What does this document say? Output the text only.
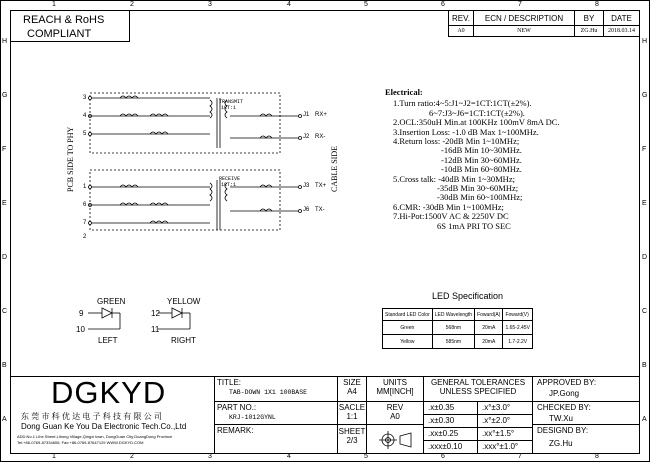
1	2	3	4	5	6	7	8
1	2	3	4	5	6	7	8
H
G
F
E
D
C
B
A
H
G
F
E
D
C
B
A
REACH & RoHS
COMPLIANT
REV.	ECN / DESCRIPTION	BY	DATE
A0	NEW	ZG.Hu	2018.03.14
PCB SIDE TO PHY	CABLE SIDE
TRANSMIT
1CT:1
RECEIVE
1CT:1
3
4
5
1
6
7
2
J1
J2
J3
J6
RX+
RX-
TX+
TX-
Electrical:
1.Turn ratio:4~5:J1~J2=1CT:1CT(±2%).
6~7:J3~J6=1CT:1CT(±2%).
2.OCL:350uH Min.at 100KHz 100mV 8mA DC.
3.Insertion Loss: -1.0 dB Max 1~100MHz.
4.Return loss: -20dB Min 1~10MHz;
-16dB Min 10~30MHz.
-12dB Min 30~60MHz.
-10dB Min 60~80MHz.
5.Cross talk: -40dB Min 1~30MHz;
-35dB Min 30~60MHz;
-30dB Min 60~100MHz;
6.CMR: -30dB Min 1~100MHz;
7.Hi-Pot:1500V AC & 2250V DC
6S 1mA PRI TO SEC
GREEN	YELLOW
9
10
12
11
LEFT	RIGHT
LED Specification
Standard LED Color	LED Wavelength	Foward(A)	Foward(V)
Green	568nm	20mA	1.65-2.45V
Yellow	585nm	20mA	1.7-2.2V
DGKYD
东 莞 市 科 优 达 电 子 科 技 有 限 公 司
Dong Guan Ke You Da Electronic Tech.Co.,Ltd
ADD:No.1 Lihe Street,Lihong Village,Qingxi town, DongGuan City,GuangDong Province
Tel:+86-0769-87334606; Fax:+86-0769-87647129 WWW.DGKYD.COM
TITLE:
TAB-DOWN 1X1 100BASE
PART NO.:
KRJ-1012GYNL
REMARK:
SIZE
A4
SACLE
1:1
SHEET
2/3
UNITS
MM[INCH]
REV
A0
GENERAL TOLERANCES
UNLESS SPECIFIED
.x±0.35	.x°±3.0°
.x±0.30	.x°±2.0°
.xx±0.25	.xx°±1.5°
.xxx±0.10	.xxx°±1.0°
APPROVED BY:
JP.Gong
CHECKED BY:
TW.Xu
DESIGND BY:
ZG.Hu
